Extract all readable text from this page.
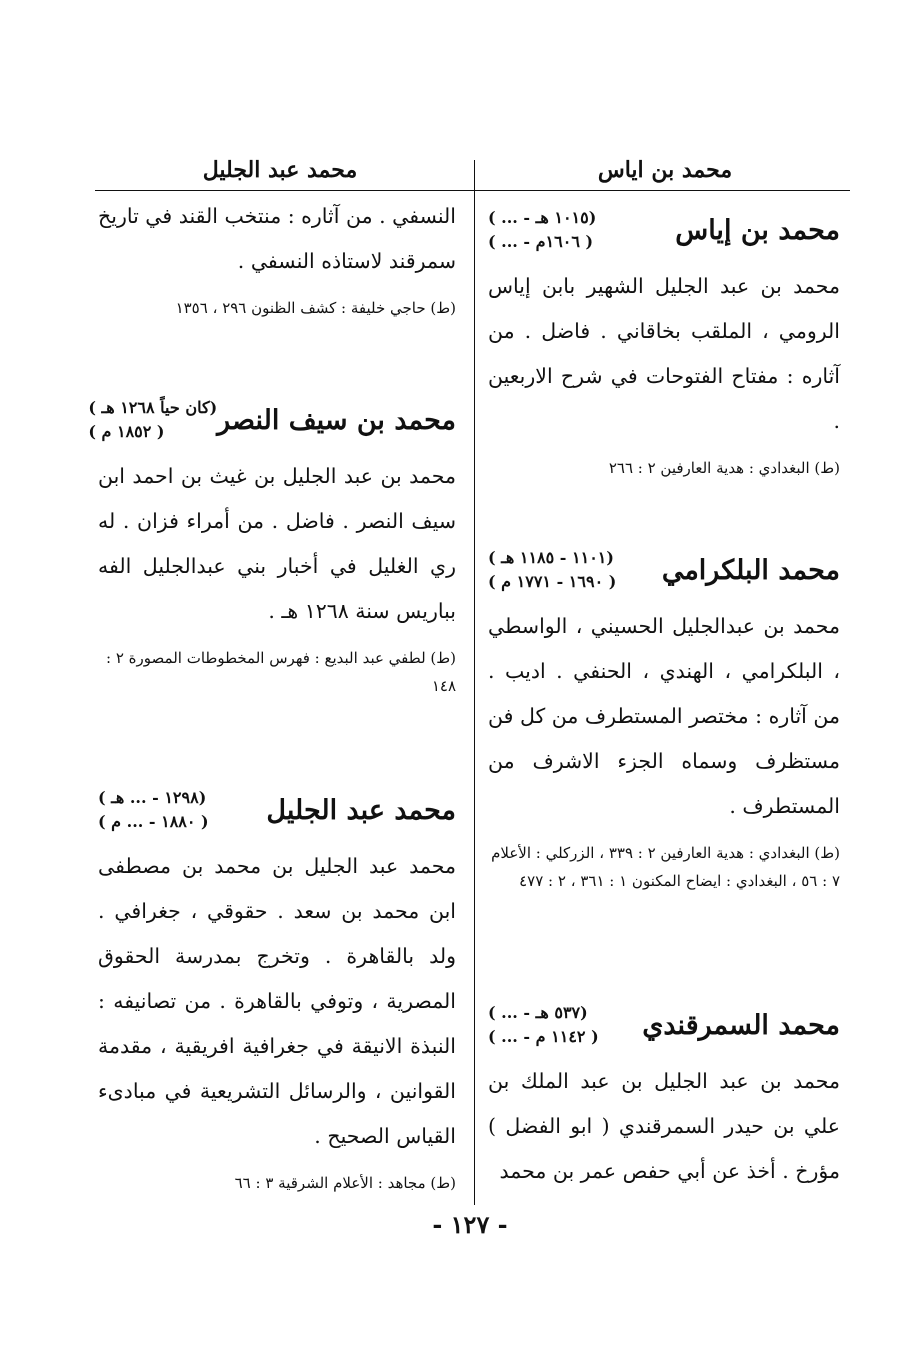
محمد بن اياس
محمد عبد الجليل
محمد بن إياس
( ... - ١٠١٥ هـ)
( ... - ١٦٠٦م )
محمد بن عبد الجليل الشهير بابن إياس الرومي ، الملقب بخاقاني . فاضل . من آثاره : مفتاح الفتوحات في شرح الاربعين .
(ط) البغدادي : هدية العارفين ٢ : ٢٦٦
محمد البلكرامي
( ١١٠١ - ١١٨٥ هـ)
( ١٦٩٠ - ١٧٧١ م )
محمد بن عبدالجليل الحسيني ، الواسطي ، البلكرامي ، الهندي ، الحنفي . اديب . من آثاره : مختصر المستطرف من كل فن مستظرف وسماه الجزء الاشرف من المستطرف .
(ط) البغدادي : هدية العارفين ٢ : ٣٣٩ ، الزركلي : الأعلام ٧ : ٥٦ ، البغدادي : ايضاح المكنون ١ : ٣٦١ ، ٢ : ٤٧٧
محمد السمرقندي
( ... - ٥٣٧ هـ)
( ... - ١١٤٢ م )
محمد بن عبد الجليل بن عبد الملك بن علي بن حيدر السمرقندي ( ابو الفضل ) مؤرخ . أخذ عن أبي حفص عمر بن محمد
النسفي . من آثاره : منتخب القند في تاريخ سمرقند لاستاذه النسفي .
(ط) حاجي خليفة : كشف الظنون ٢٩٦ ، ١٣٥٦
محمد بن سيف النصر
( كان حياً ١٢٦٨ هـ)
( ١٨٥٢ م )
محمد بن عبد الجليل بن غيث بن احمد ابن سيف النصر . فاضل . من أمراء فزان . له ري الغليل في أخبار بني عبدالجليل الفه بباريس سنة ١٢٦٨ هـ .
(ط) لطفي عبد البديع : فهرس المخطوطات المصورة ٢ : ١٤٨
محمد عبد الجليل
( ١٢٩٨ - ... هـ)
( ١٨٨٠ - ... م )
محمد عبد الجليل بن محمد بن مصطفى ابن محمد بن سعد . حقوقي ، جغرافي . ولد بالقاهرة . وتخرج بمدرسة الحقوق المصرية ، وتوفي بالقاهرة . من تصانيفه : النبذة الانيقة في جغرافية افريقية ، مقدمة القوانين ، والرسائل التشريعية في مبادىء القياس الصحيح .
(ط) مجاهد : الأعلام الشرقية ٣ : ٦٦
- ١٢٧ -
